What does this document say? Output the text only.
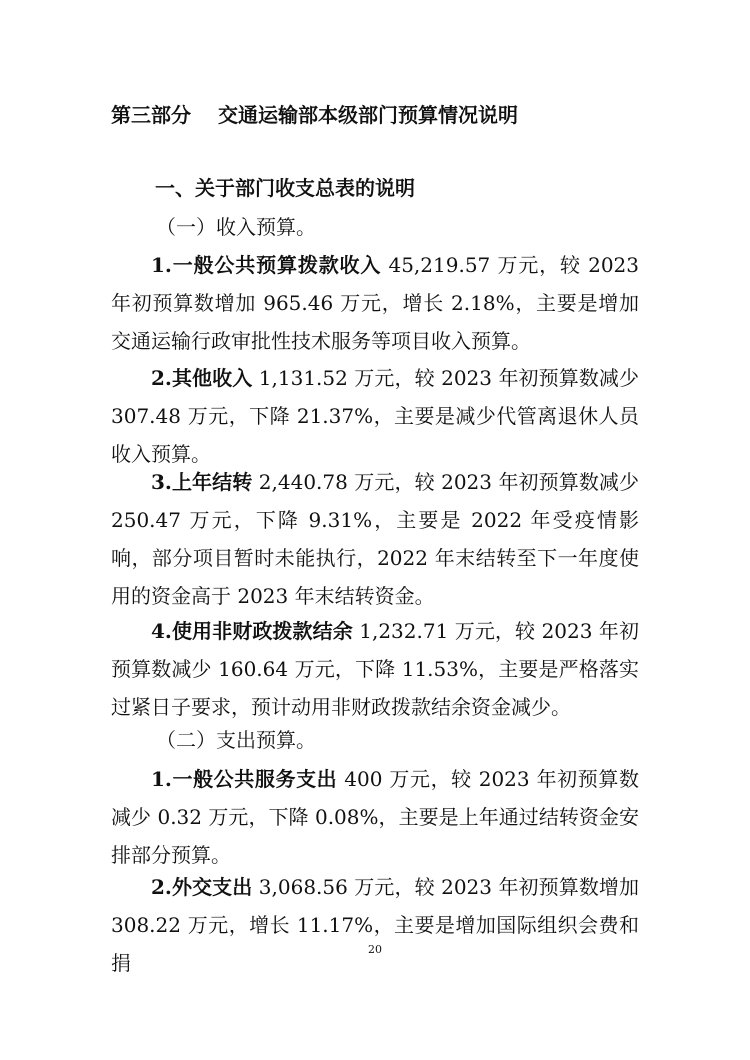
第三部分　 交通运输部本级部门预算情况说明
一、关于部门收支总表的说明
（一）收入预算。
1.一般公共预算拨款收入 45,219.57 万元，较 2023 年初预算数增加 965.46 万元，增长 2.18%，主要是增加交通运输行政审批性技术服务等项目收入预算。
2.其他收入 1,131.52 万元，较 2023 年初预算数减少 307.48 万元，下降 21.37%，主要是减少代管离退休人员收入预算。
3.上年结转 2,440.78 万元，较 2023 年初预算数减少 250.47 万元，下降 9.31%，主要是 2022 年受疫情影响，部分项目暂时未能执行，2022 年末结转至下一年度使用的资金高于 2023 年末结转资金。
4.使用非财政拨款结余 1,232.71 万元，较 2023 年初预算数减少 160.64 万元，下降 11.53%，主要是严格落实过紧日子要求，预计动用非财政拨款结余资金减少。
（二）支出预算。
1.一般公共服务支出 400 万元，较 2023 年初预算数减少 0.32 万元，下降 0.08%，主要是上年通过结转资金安排部分预算。
2.外交支出 3,068.56 万元，较 2023 年初预算数增加 308.22 万元，增长 11.17%，主要是增加国际组织会费和捐
20
